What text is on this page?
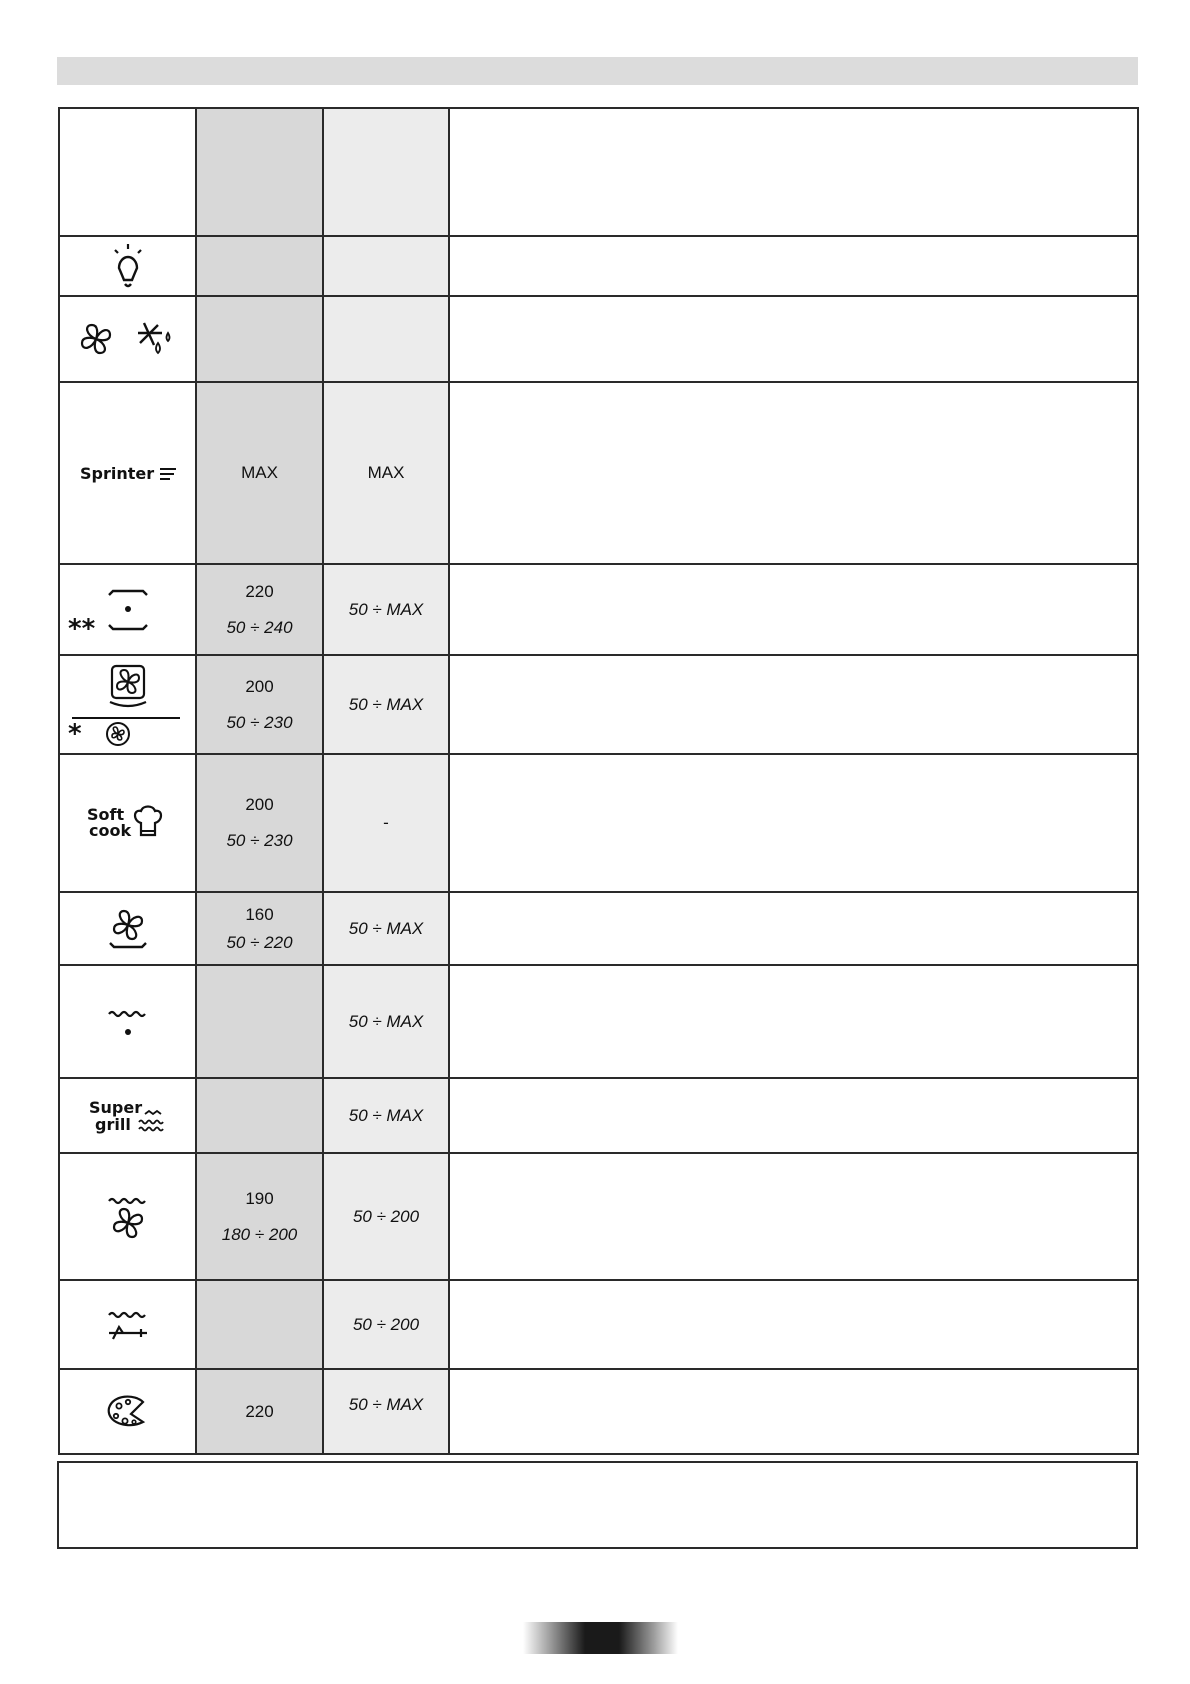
Sprinter	MAX	MAX	

**	220
50 ÷ 240	50 ÷ MAX	

*	200
50 ÷ 230	50 ÷ MAX	

Soft
cook	200
50 ÷ 230	-	

160
50 ÷ 220	50 ÷ MAX	

		50 ÷ MAX	

Super
grill		50 ÷ MAX	

190
180 ÷ 200	50 ÷ 200	

		50 ÷ 200	

	220	50 ÷ MAX	
